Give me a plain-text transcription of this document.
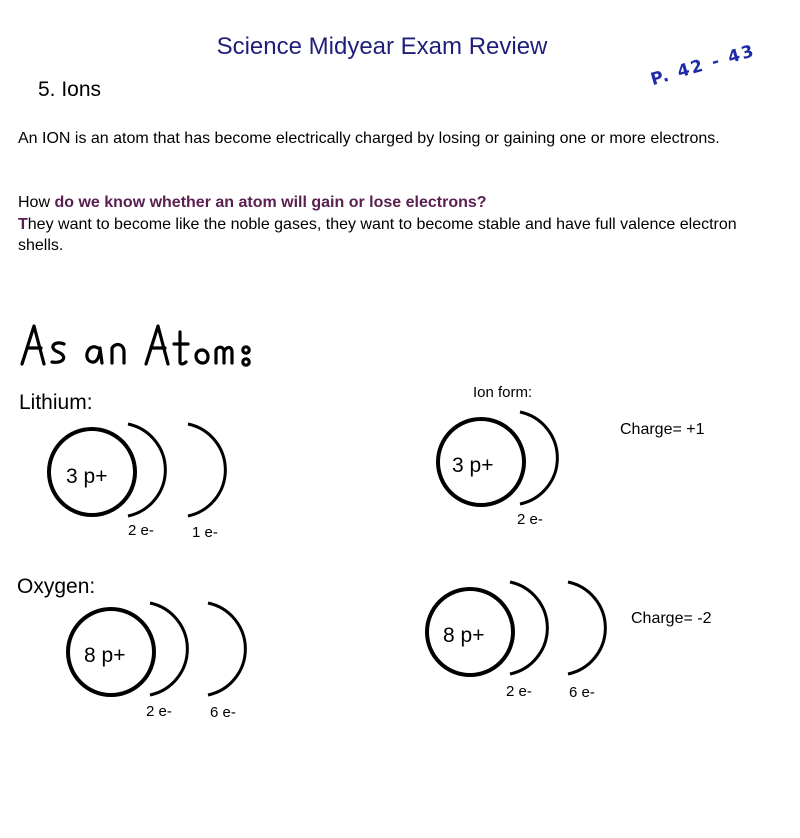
Science Midyear Exam Review
5. Ions	P. 42 - 43
An ION is an atom that has become electrically charged by losing or gaining one or more electrons.
How do we know whether an atom will gain or lose electrons?
They want to become like the noble gases, they want to become stable and have full valence electron shells.
Lithium:	Ion form:
3 p+
2 e-	1 e-
3 p+
2 e-
Charge= +1
8 p+
2 e-	6 e-
8 p+
2 e- 6 e-
Charge= -2
Oxygen:
